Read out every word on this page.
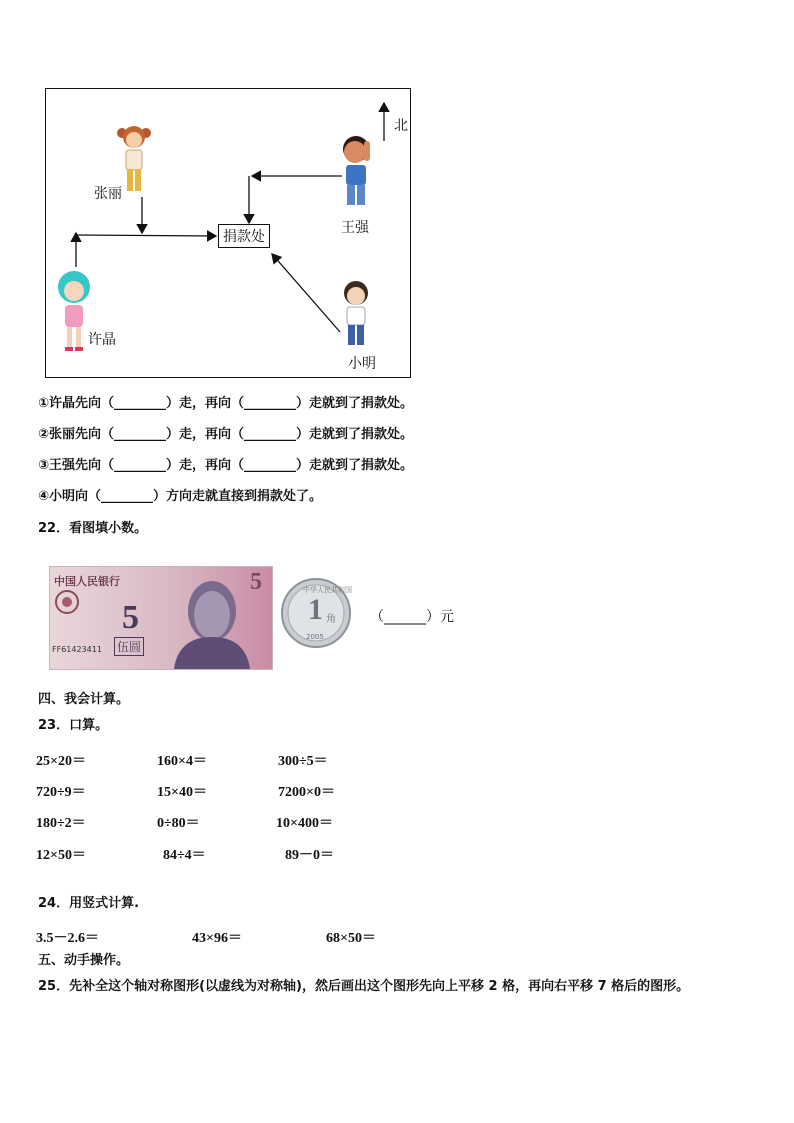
北
捐款处
张丽
王强
许晶
小明
①许晶先向（________）走，再向（________）走就到了捐款处。
②张丽先向（________）走，再向（________）走就到了捐款处。
③王强先向（________）走，再向（________）走就到了捐款处。
④小明向（________）方向走就直接到捐款处了。
22．看图填小数。
中国人民银行
5
5
伍圆
FF61423411
中华人民共和国
1 角
2005
（______）元
四、我会计算。
23．口算。
25×20＝	160×4＝	300÷5＝
720÷9＝	15×40＝	7200×0＝
180÷2＝	0÷80＝	10×400＝
12×50＝	84÷4＝	89－0＝
24．用竖式计算.
3.5－2.6＝	43×96＝	68×50＝
五、动手操作。
25．先补全这个轴对称图形(以虚线为对称轴)，然后画出这个图形先向上平移 2 格，再向右平移 7 格后的图形。
